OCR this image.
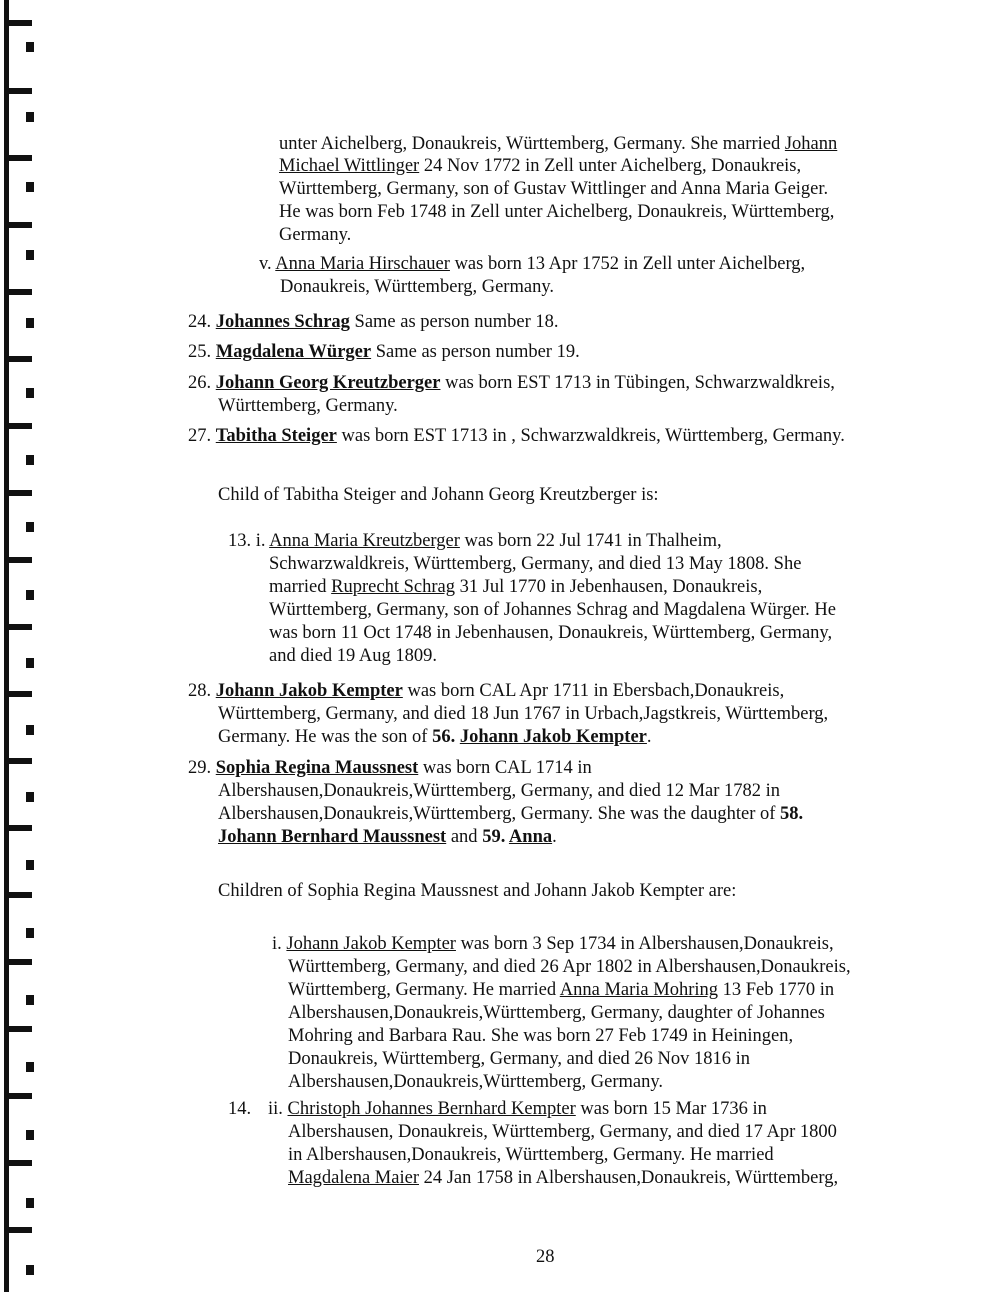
unter Aichelberg, Donaukreis, Württemberg, Germany. She married Johann
Michael Wittlinger 24 Nov 1772 in Zell unter Aichelberg, Donaukreis,
Württemberg, Germany, son of Gustav Wittlinger and Anna Maria Geiger.
He was born Feb 1748 in Zell unter Aichelberg, Donaukreis, Württemberg,
Germany.
v. Anna Maria Hirschauer was born 13 Apr 1752 in Zell unter Aichelberg,
Donaukreis, Württemberg, Germany.
24. Johannes Schrag Same as person number 18.
25. Magdalena Würger Same as person number 19.
26. Johann Georg Kreutzberger was born EST 1713 in Tübingen, Schwarzwaldkreis,
Württemberg, Germany.
27. Tabitha Steiger was born EST 1713 in , Schwarzwaldkreis, Württemberg, Germany.
Child of Tabitha Steiger and Johann Georg Kreutzberger is:
13. i. Anna Maria Kreutzberger was born 22 Jul 1741 in Thalheim,
Schwarzwaldkreis, Württemberg, Germany, and died 13 May 1808. She
married Ruprecht Schrag 31 Jul 1770 in Jebenhausen, Donaukreis,
Württemberg, Germany, son of Johannes Schrag and Magdalena Würger. He
was born 11 Oct 1748 in Jebenhausen, Donaukreis, Württemberg, Germany,
and died 19 Aug 1809.
28. Johann Jakob Kempter was born CAL Apr 1711 in Ebersbach,Donaukreis,
Württemberg, Germany, and died 18 Jun 1767 in Urbach,Jagstkreis, Württemberg,
Germany. He was the son of 56. Johann Jakob Kempter.
29. Sophia Regina Maussnest was born CAL 1714 in
Albershausen,Donaukreis,Württemberg, Germany, and died 12 Mar 1782 in
Albershausen,Donaukreis,Württemberg, Germany. She was the daughter of 58.
Johann Bernhard Maussnest and 59. Anna.
Children of Sophia Regina Maussnest and Johann Jakob Kempter are:
i. Johann Jakob Kempter was born 3 Sep 1734 in Albershausen,Donaukreis,
Württemberg, Germany, and died 26 Apr 1802 in Albershausen,Donaukreis,
Württemberg, Germany. He married Anna Maria Mohring 13 Feb 1770 in
Albershausen,Donaukreis,Württemberg, Germany, daughter of Johannes
Mohring and Barbara Rau. She was born 27 Feb 1749 in Heiningen,
Donaukreis, Württemberg, Germany, and died 26 Nov 1816 in
Albershausen,Donaukreis,Württemberg, Germany.
14. ii. Christoph Johannes Bernhard Kempter was born 15 Mar 1736 in
Albershausen, Donaukreis, Württemberg, Germany, and died 17 Apr 1800
in Albershausen,Donaukreis, Württemberg, Germany. He married
Magdalena Maier 24 Jan 1758 in Albershausen,Donaukreis, Württemberg,
28
